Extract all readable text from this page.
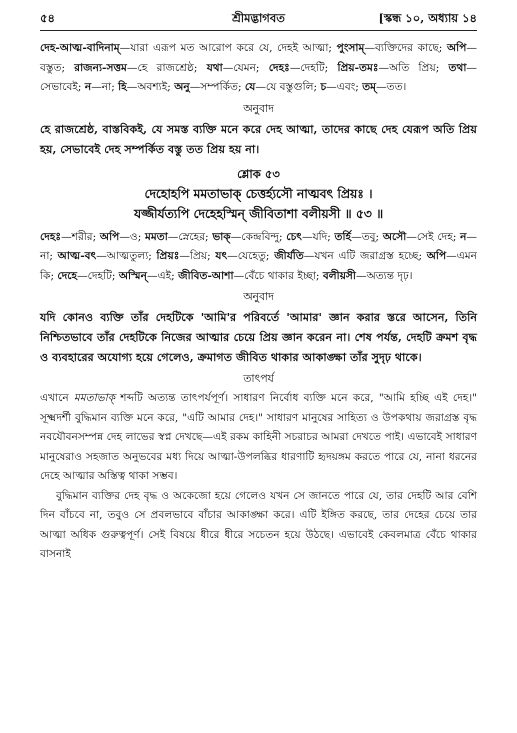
৫৪	শ্রীমদ্ভাগবত	[স্কন্ধ ১০, অধ্যায় ১৪

দেহ-আত্ম-বাদিনাম্—যারা এরূপ মত আরোপ করে যে, দেহই আত্মা; পুংসাম্—ব্যক্তিদের কাছে; অপি—বস্তুত; রাজন্য-সত্তম—হে রাজশ্রেষ্ঠ; যথা—যেমন; দেহঃ—দেহটি; প্রিয়-তমঃ—অতি প্রিয়; তথা—সেভাবেই; ন—না; হি—অবশ্যই; অনু—সম্পর্কিত; যে—যে বস্তুগুলি; চ—এবং; তম্—তত।

অনুবাদ

হে রাজশ্রেষ্ঠ, বাস্তবিকই, যে সমস্ত ব্যক্তি মনে করে দেহ আত্মা, তাদের কাছে দেহ যেরূপ অতি প্রিয় হয়, সেভাবেই দেহ সম্পর্কিত বস্তু তত প্রিয় হয় না।

শ্লোক ৫৩
দেহোহপি মমতাভাক্ চেত্তর্হ্যসৌ নাত্মবৎ প্রিয়ঃ ।
যজ্জীর্যত্যপি দেহেহস্মিন্ জীবিতাশা বলীয়সী ॥ ৫৩ ॥

দেহঃ—শরীর; অপি—ও; মমতা—স্নেহের; ভাক্—কেন্দ্রবিন্দু; চেৎ—যদি; তর্হি—তবু; অসৌ—সেই দেহ; ন—না; আত্ম-বৎ—আত্মতুল্য; প্রিয়ঃ—প্রিয়; যৎ—যেহেতু; জীর্যতি—যখন এটি জরাগ্রস্ত হচ্ছে; অপি—এমন কি; দেহে—দেহটি; অস্মিন্—এই; জীবিত-আশা—বেঁচে থাকার ইচ্ছা; বলীয়সী—অত্যন্ত দৃঢ়।

অনুবাদ

যদি কোনও ব্যক্তি তাঁর দেহটিকে 'আমি'র পরিবর্তে 'আমার' জ্ঞান করার স্তরে আসেন, তিনি নিশ্চিতভাবে তাঁর দেহটিকে নিজের আত্মার চেয়ে প্রিয় জ্ঞান করেন না। শেষ পর্যন্ত, দেহটি ক্রমশ বৃদ্ধ ও ব্যবহারের অযোগ্য হয়ে গেলেও, ক্রমাগত জীবিত থাকার আকাঙ্ক্ষা তাঁর সুদৃঢ় থাকে।

তাৎপর্য

এখানে মমতাভাক্ শব্দটি অত্যন্ত তাৎপর্যপূর্ণ। সাধারণ নির্বোধ ব্যক্তি মনে করে, "আমি হচ্ছি এই দেহ।" সূক্ষ্মদর্শী বুদ্ধিমান ব্যক্তি মনে করে, "এটি আমার দেহ।" সাধারণ মানুষের সাহিত্য ও উপকথায় জরাগ্রস্ত বৃদ্ধ নবযৌবনসম্পন্ন দেহ লাভের স্বপ্ন দেখছে—এই রকম কাহিনী সচরাচর আমরা দেখতে পাই। এভাবেই সাধারণ মানুষেরাও সহজাত অনুভবের মধ্য দিয়ে আত্মা-উপলব্ধির ধারণাটি হৃদয়ঙ্গম করতে পারে যে, নানা ধরনের দেহে আত্মার অস্তিত্ব থাকা সম্ভব।

বুদ্ধিমান ব্যক্তির দেহ বৃদ্ধ ও অকেজো হয়ে গেলেও যখন সে জানতে পারে যে, তার দেহটি আর বেশি দিন বাঁচবে না, তবুও সে প্রবলভাবে বাঁচার আকাঙ্ক্ষা করে। এটি ইঙ্গিত করছে, তার দেহের চেয়ে তার আত্মা অধিক গুরুত্বপূর্ণ। সেই বিষয়ে ধীরে ধীরে সচেতন হয়ে উঠছে। এভাবেই কেবলমাত্র বেঁচে থাকার বাসনাই
